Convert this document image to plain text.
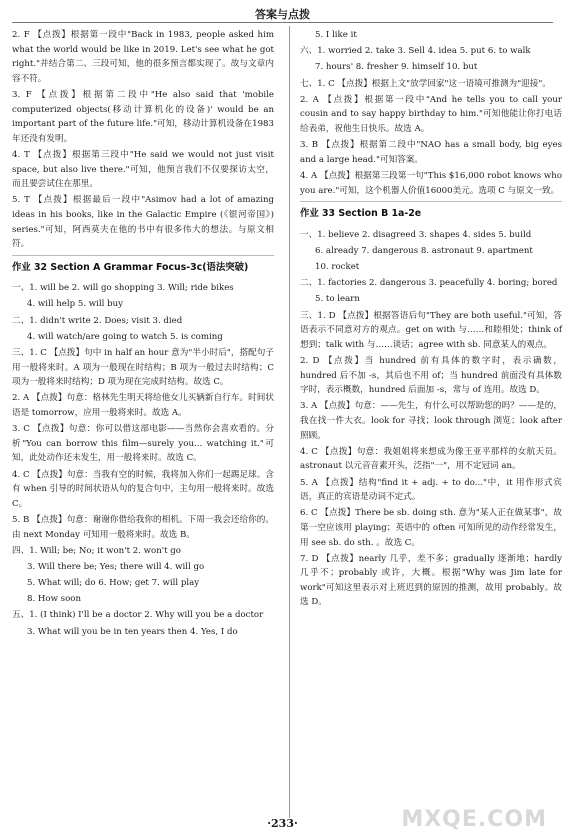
答案与点拨
2. F 【点拨】根据第一段中"Back in 1983, people asked him what the world would be like in 2019. Let's see what he got right."并结合第二、三段可知，他的很多预言都实现了。故与文章内容不符。
3. F 【点拨】根据第二段中"He also said that 'mobile computerized objects(移动计算机化的设备)' would be an important part of the future life."可知，移动计算机设备在1983年还没有发明。
4. T 【点拨】根据第三段中"He said we would not just visit space, but also live there."可知，他预言我们不仅要探访太空，而且要尝试住在那里。
5. T 【点拨】根据最后一段中"Asimov had a lot of amazing ideas in his books, like in the Galactic Empire (《银河帝国》) series."可知，阿西莫夫在他的书中有很多伟大的想法。与原文相符。
作业 32 Section A Grammar Focus-3c(语法突破)
一、1. will be 2. will go shopping 3. Will; ride bikes
4. will help 5. will buy
二、1. didn't write 2. Does; visit 3. died
4. will watch/are going to watch 5. is coming
三、1. C 【点拨】句中 in half an hour 意为"半小时后"，搭配句子用一般将来时。A 项为一般现在时结构；B 项为一般过去时结构；C 项为一般将来时结构；D 项为现在完成时结构。故选 C。
2. A 【点拨】句意：格林先生明天将给他女儿买辆新自行车。时间状语是 tomorrow，应用一般将来时。故选 A。
3. C 【点拨】句意：你可以借这部电影——当然你会喜欢看的。分析"You can borrow this film—surely you... watching it."可知，此处动作还未发生，用一般将来时。故选 C。
4. C 【点拨】句意：当我有空的时候，我将加入你们一起踢足球。含有 when 引导的时间状语从句的复合句中，主句用一般将来时。故选 C。
5. B 【点拨】句意：谢谢你借给我你的相机。下周一我会还给你的。由 next Monday 可知用一般将来时。故选 B。
四、1. Will; be; No; it won't 2. won't go
3. Will there be; Yes; there will 4. will go
5. What will; do 6. How; get 7. will play
8. How soon
五、1. (I think) I'll be a doctor 2. Why will you be a doctor
3. What will you be in ten years then 4. Yes, I do
5. I like it
六、1. worried 2. take 3. Sell 4. idea 5. put 6. to walk
7. hours' 8. fresher 9. himself 10. but
七、1. C 【点拨】根据上文"放学回家"这一语境可推测为"迎接"。
2. A 【点拨】根据第一段中"And he tells you to call your cousin and to say happy birthday to him."可知他能让你打电话给表弟，祝他生日快乐。故选 A。
3. B 【点拨】根据第二段中"NAO has a small body, big eyes and a large head."可知答案。
4. A 【点拨】根据第三段第一句"This $16,000 robot knows who you are."可知，这个机器人价值16000美元。选项 C 与原文一致。
作业 33 Section B 1a-2e
一、1. believe 2. disagreed 3. shapes 4. sides 5. build
6. already 7. dangerous 8. astronaut 9. apartment
10. rocket
二、1. factories 2. dangerous 3. peacefully 4. boring; bored
5. to learn
三、1. D 【点拨】根据答语后句"They are both useful."可知，答语表示不同意对方的观点。get on with 与……和睦相处；think of 想到；talk with 与……谈话；agree with sb. 同意某人的观点。
2. D 【点拨】当 hundred 前有具体的数字时，表示确数，hundred 后不加 -s，其后也不用 of；当 hundred 前面没有具体数字时，表示概数，hundred 后面加 -s，常与 of 连用。故选 D。
3. A 【点拨】句意：——先生，有什么可以帮助您的吗？——是的，我在找一件大衣。look for 寻找；look through 浏览；look after 照顾。
4. C 【点拨】句意：我姐姐将来想成为像王亚平那样的女航天员。astronaut 以元音音素开头，泛指"一"，用不定冠词 an。
5. A 【点拨】结构"find it + adj. + to do..."中，it 用作形式宾语，真正的宾语是动词不定式。
6. C 【点拨】There be sb. doing sth. 意为"某人正在做某事"，故第一空应该用 playing；英语中的 often 可知所见的动作经常发生，用 see sb. do sth. 。故选 C。
7. D 【点拨】nearly 几乎，差不多；gradually 逐渐地；hardly 几乎不；probably 或许，大概。根据"Why was Jim late for work"可知这里表示对上班迟到的原因的推测，故用 probably。故选 D。
·233·	MXQE.COM
